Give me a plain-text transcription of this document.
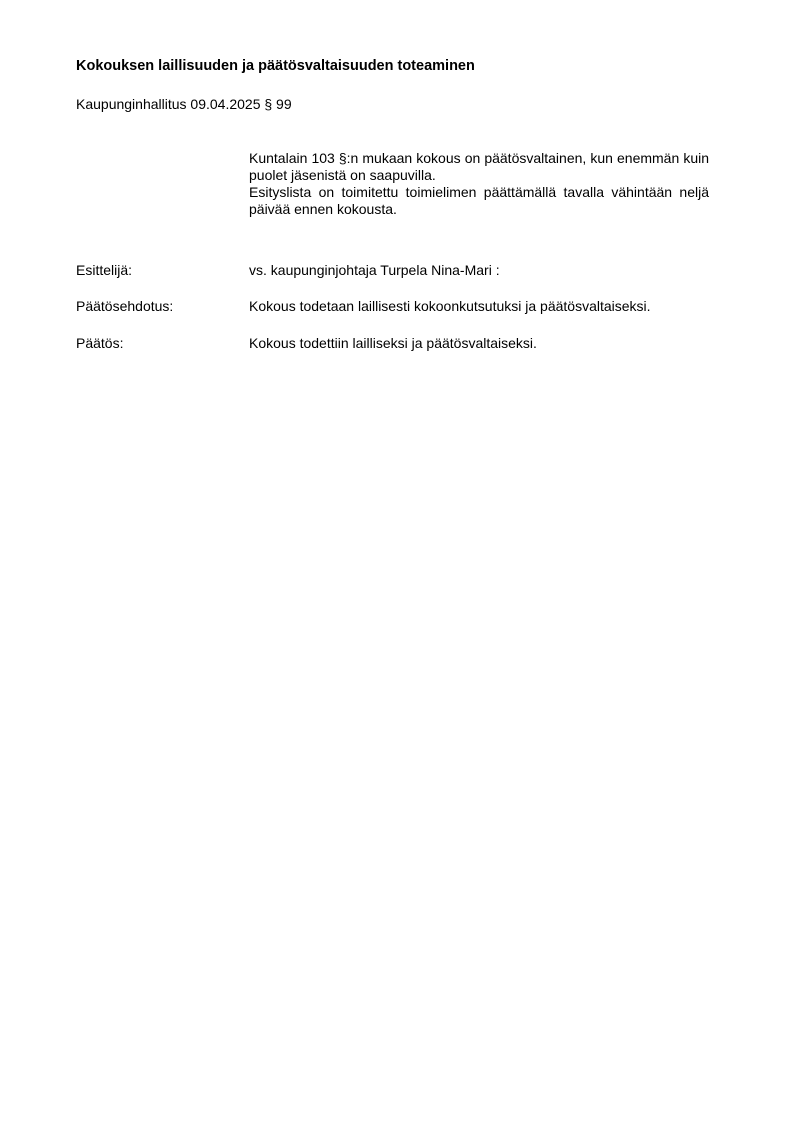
Kokouksen laillisuuden ja päätösvaltaisuuden toteaminen
Kaupunginhallitus 09.04.2025 § 99

Kuntalain 103 §:n mukaan kokous on päätösvaltainen, kun enemmän kuin puolet jäsenistä on saapuvilla.

Esityslista on toimitettu toimielimen päättämällä tavalla vähintään neljä päivää ennen kokousta.

Esittelijä:	vs. kaupunginjohtaja Turpela Nina-Mari :
Päätösehdotus:	Kokous todetaan laillisesti kokoonkutsutuksi ja päätösvaltaiseksi.
Päätös:	Kokous todettiin lailliseksi ja päätösvaltaiseksi.
